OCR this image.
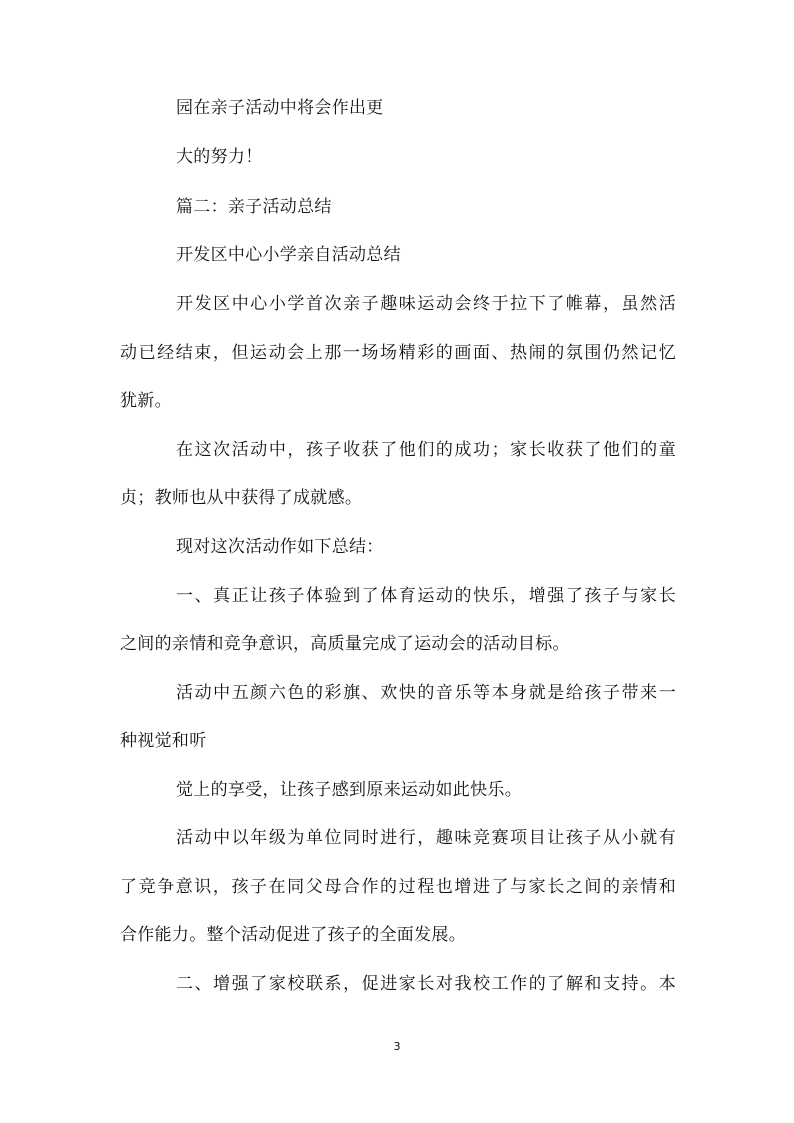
园在亲子活动中将会作出更
大的努力！
篇二：亲子活动总结
开发区中心小学亲自活动总结
开发区中心小学首次亲子趣味运动会终于拉下了帷幕，虽然活
动已经结束，但运动会上那一场场精彩的画面、热闹的氛围仍然记忆
犹新。
在这次活动中，孩子收获了他们的成功；家长收获了他们的童
贞；教师也从中获得了成就感。
现对这次活动作如下总结：
一、真正让孩子体验到了体育运动的快乐，增强了孩子与家长
之间的亲情和竞争意识，高质量完成了运动会的活动目标。
活动中五颜六色的彩旗、欢快的音乐等本身就是给孩子带来一
种视觉和听
觉上的享受，让孩子感到原来运动如此快乐。
活动中以年级为单位同时进行，趣味竞赛项目让孩子从小就有
了竞争意识，孩子在同父母合作的过程也增进了与家长之间的亲情和
合作能力。整个活动促进了孩子的全面发展。
二、增强了家校联系，促进家长对我校工作的了解和支持。本
3
